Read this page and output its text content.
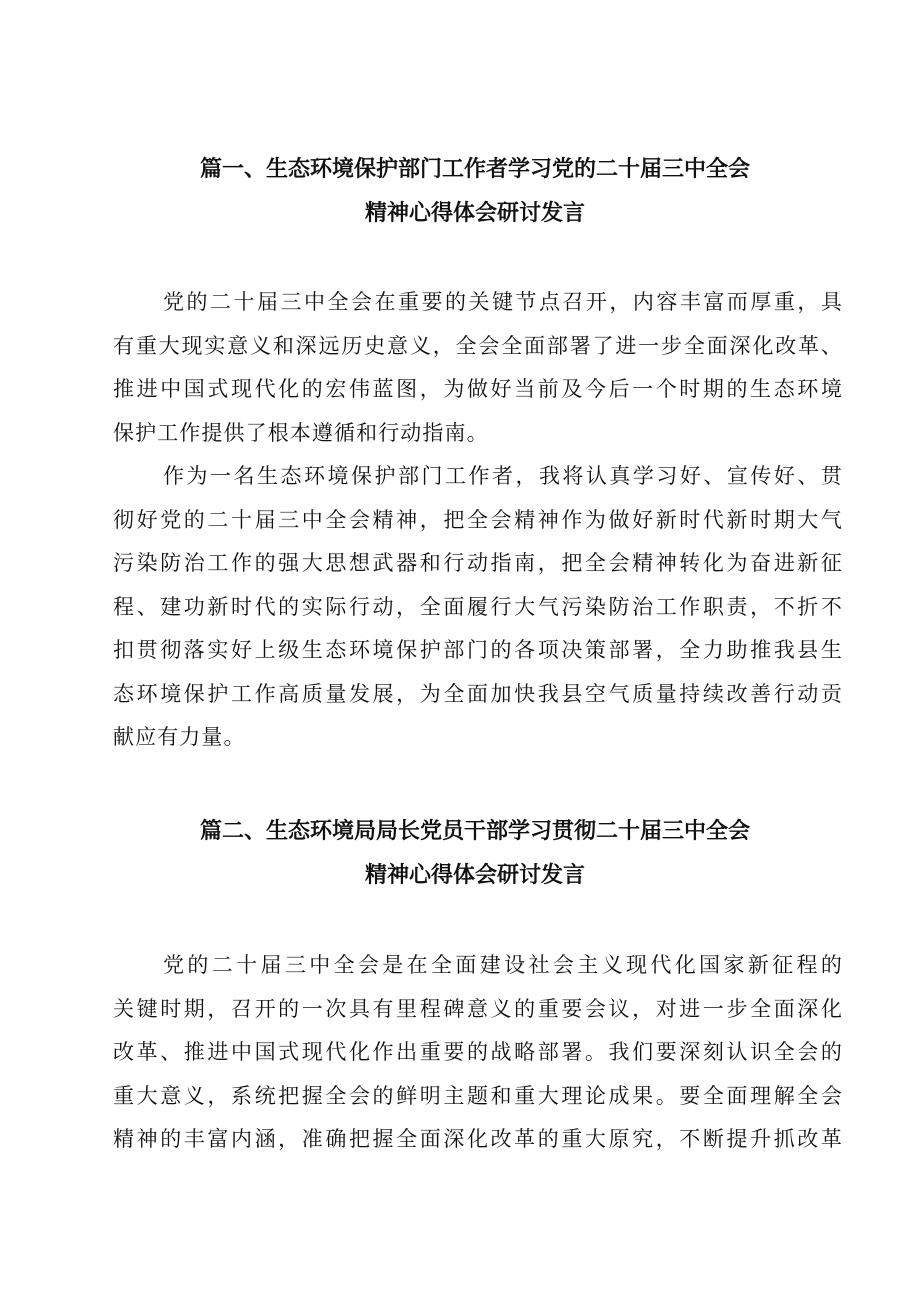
篇一、生态环境保护部门工作者学习党的二十届三中全会
精神心得体会研讨发言
党的二十届三中全会在重要的关键节点召开，内容丰富而厚重，具
有重大现实意义和深远历史意义，全会全面部署了进一步全面深化改革、
推进中国式现代化的宏伟蓝图，为做好当前及今后一个时期的生态环境
保护工作提供了根本遵循和行动指南。
作为一名生态环境保护部门工作者，我将认真学习好、宣传好、贯
彻好党的二十届三中全会精神，把全会精神作为做好新时代新时期大气
污染防治工作的强大思想武器和行动指南，把全会精神转化为奋进新征
程、建功新时代的实际行动，全面履行大气污染防治工作职责，不折不
扣贯彻落实好上级生态环境保护部门的各项决策部署，全力助推我县生
态环境保护工作高质量发展，为全面加快我县空气质量持续改善行动贡
献应有力量。
篇二、生态环境局局长党员干部学习贯彻二十届三中全会
精神心得体会研讨发言
党的二十届三中全会是在全面建设社会主义现代化国家新征程的
关键时期，召开的一次具有里程碑意义的重要会议，对进一步全面深化
改革、推进中国式现代化作出重要的战略部署。我们要深刻认识全会的
重大意义，系统把握全会的鲜明主题和重大理论成果。要全面理解全会
精神的丰富内涵，准确把握全面深化改革的重大原究，不断提升抓改革
